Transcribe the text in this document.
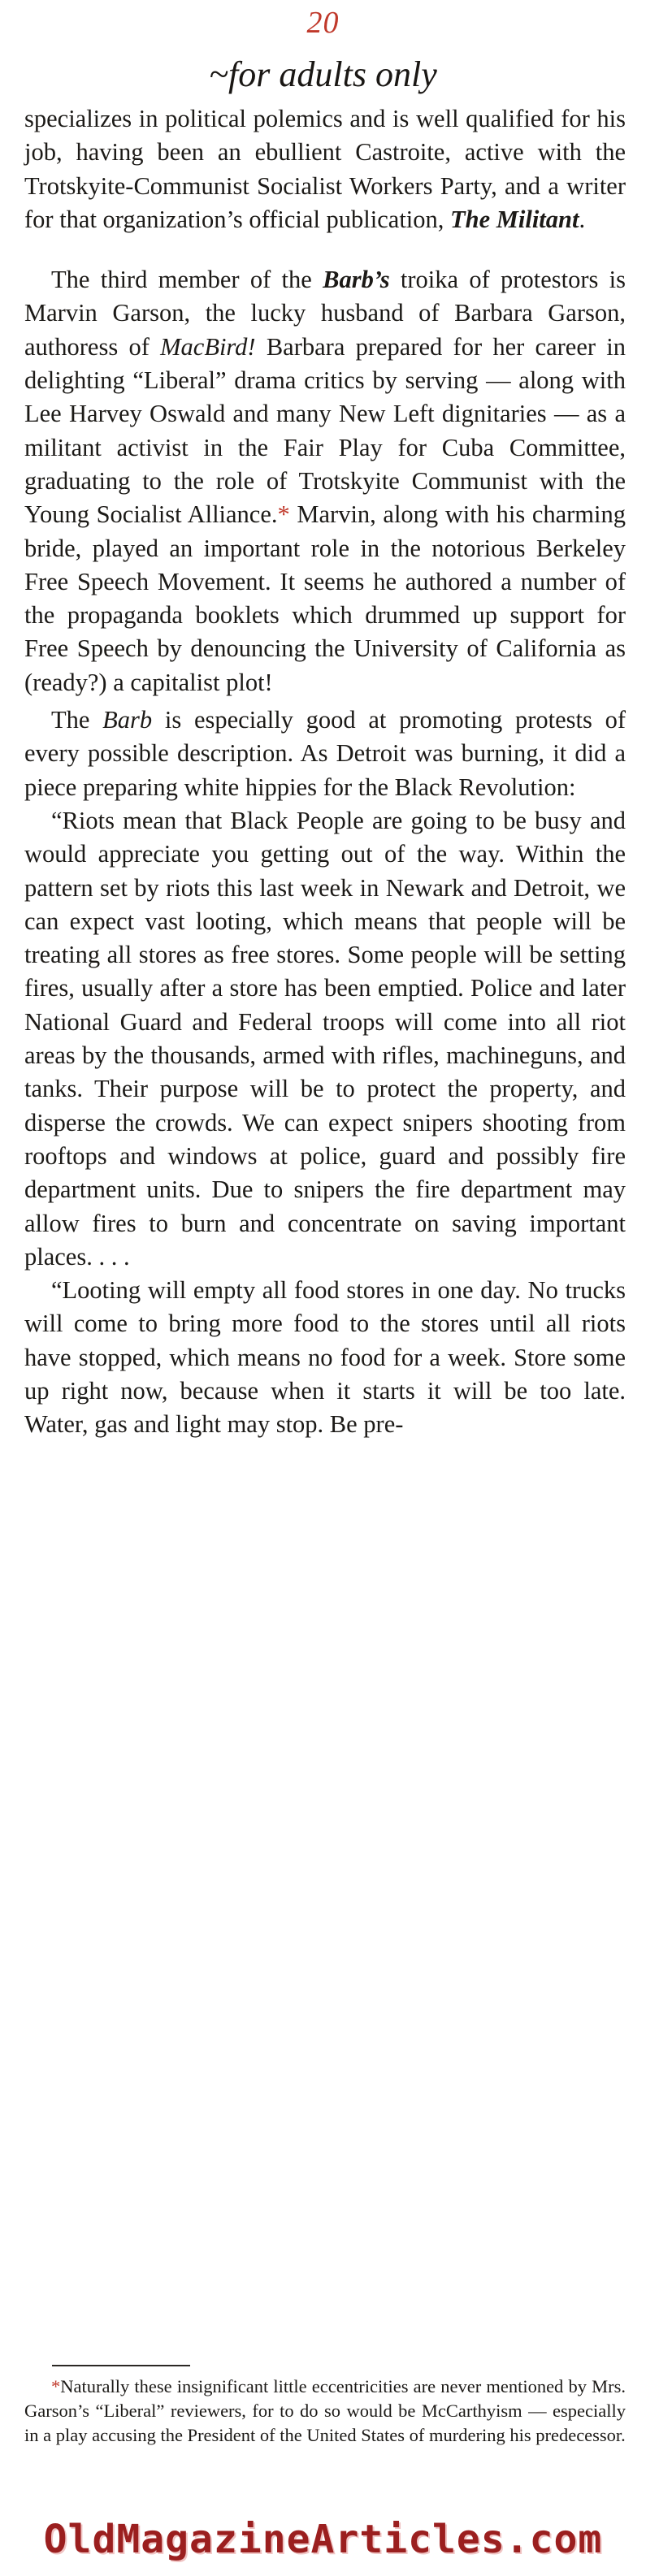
20
~for adults only

specializes in political polemics and is well qualified for his job, having been an ebullient Castroite, active with the Trotskyite-Communist Socialist Workers Party, and a writer for that organization’s official publication, The Militant.

The third member of the Barb’s troika of protestors is Marvin Garson, the lucky husband of Barbara Garson, authoress of MacBird! Barbara prepared for her career in delighting “Liberal” drama critics by serving — along with Lee Harvey Oswald and many New Left dignitaries — as a militant activist in the Fair Play for Cuba Committee, graduating to the role of Trotskyite Communist with the Young Socialist Alliance.* Marvin, along with his charming bride, played an important role in the notorious Berkeley Free Speech Movement. It seems he authored a number of the propaganda booklets which drummed up support for Free Speech by denouncing the University of California as (ready?) a capitalist plot!

The Barb is especially good at promoting protests of every possible description. As Detroit was burning, it did a piece preparing white hippies for the Black Revolution:

“Riots mean that Black People are going to be busy and would appreciate you getting out of the way. Within the pattern set by riots this last week in Newark and Detroit, we can expect vast looting, which means that people will be treating all stores as free stores. Some people will be setting fires, usually after a store has been emptied. Police and later National Guard and Federal troops will come into all riot areas by the thousands, armed with rifles, machineguns, and tanks. Their purpose will be to protect the property, and disperse the crowds. We can expect snipers shooting from rooftops and windows at police, guard and possibly fire department units. Due to snipers the fire department may allow fires to burn and concentrate on saving important places. . . .

“Looting will empty all food stores in one day. No trucks will come to bring more food to the stores until all riots have stopped, which means no food for a week. Store some up right now, because when it starts it will be too late. Water, gas and light may stop. Be pre-

*Naturally these insignificant little eccentricities are never mentioned by Mrs. Garson’s “Liberal” reviewers, for to do so would be McCarthyism — especially in a play accusing the President of the United States of murdering his predecessor.

OldMagazineArticles.com
